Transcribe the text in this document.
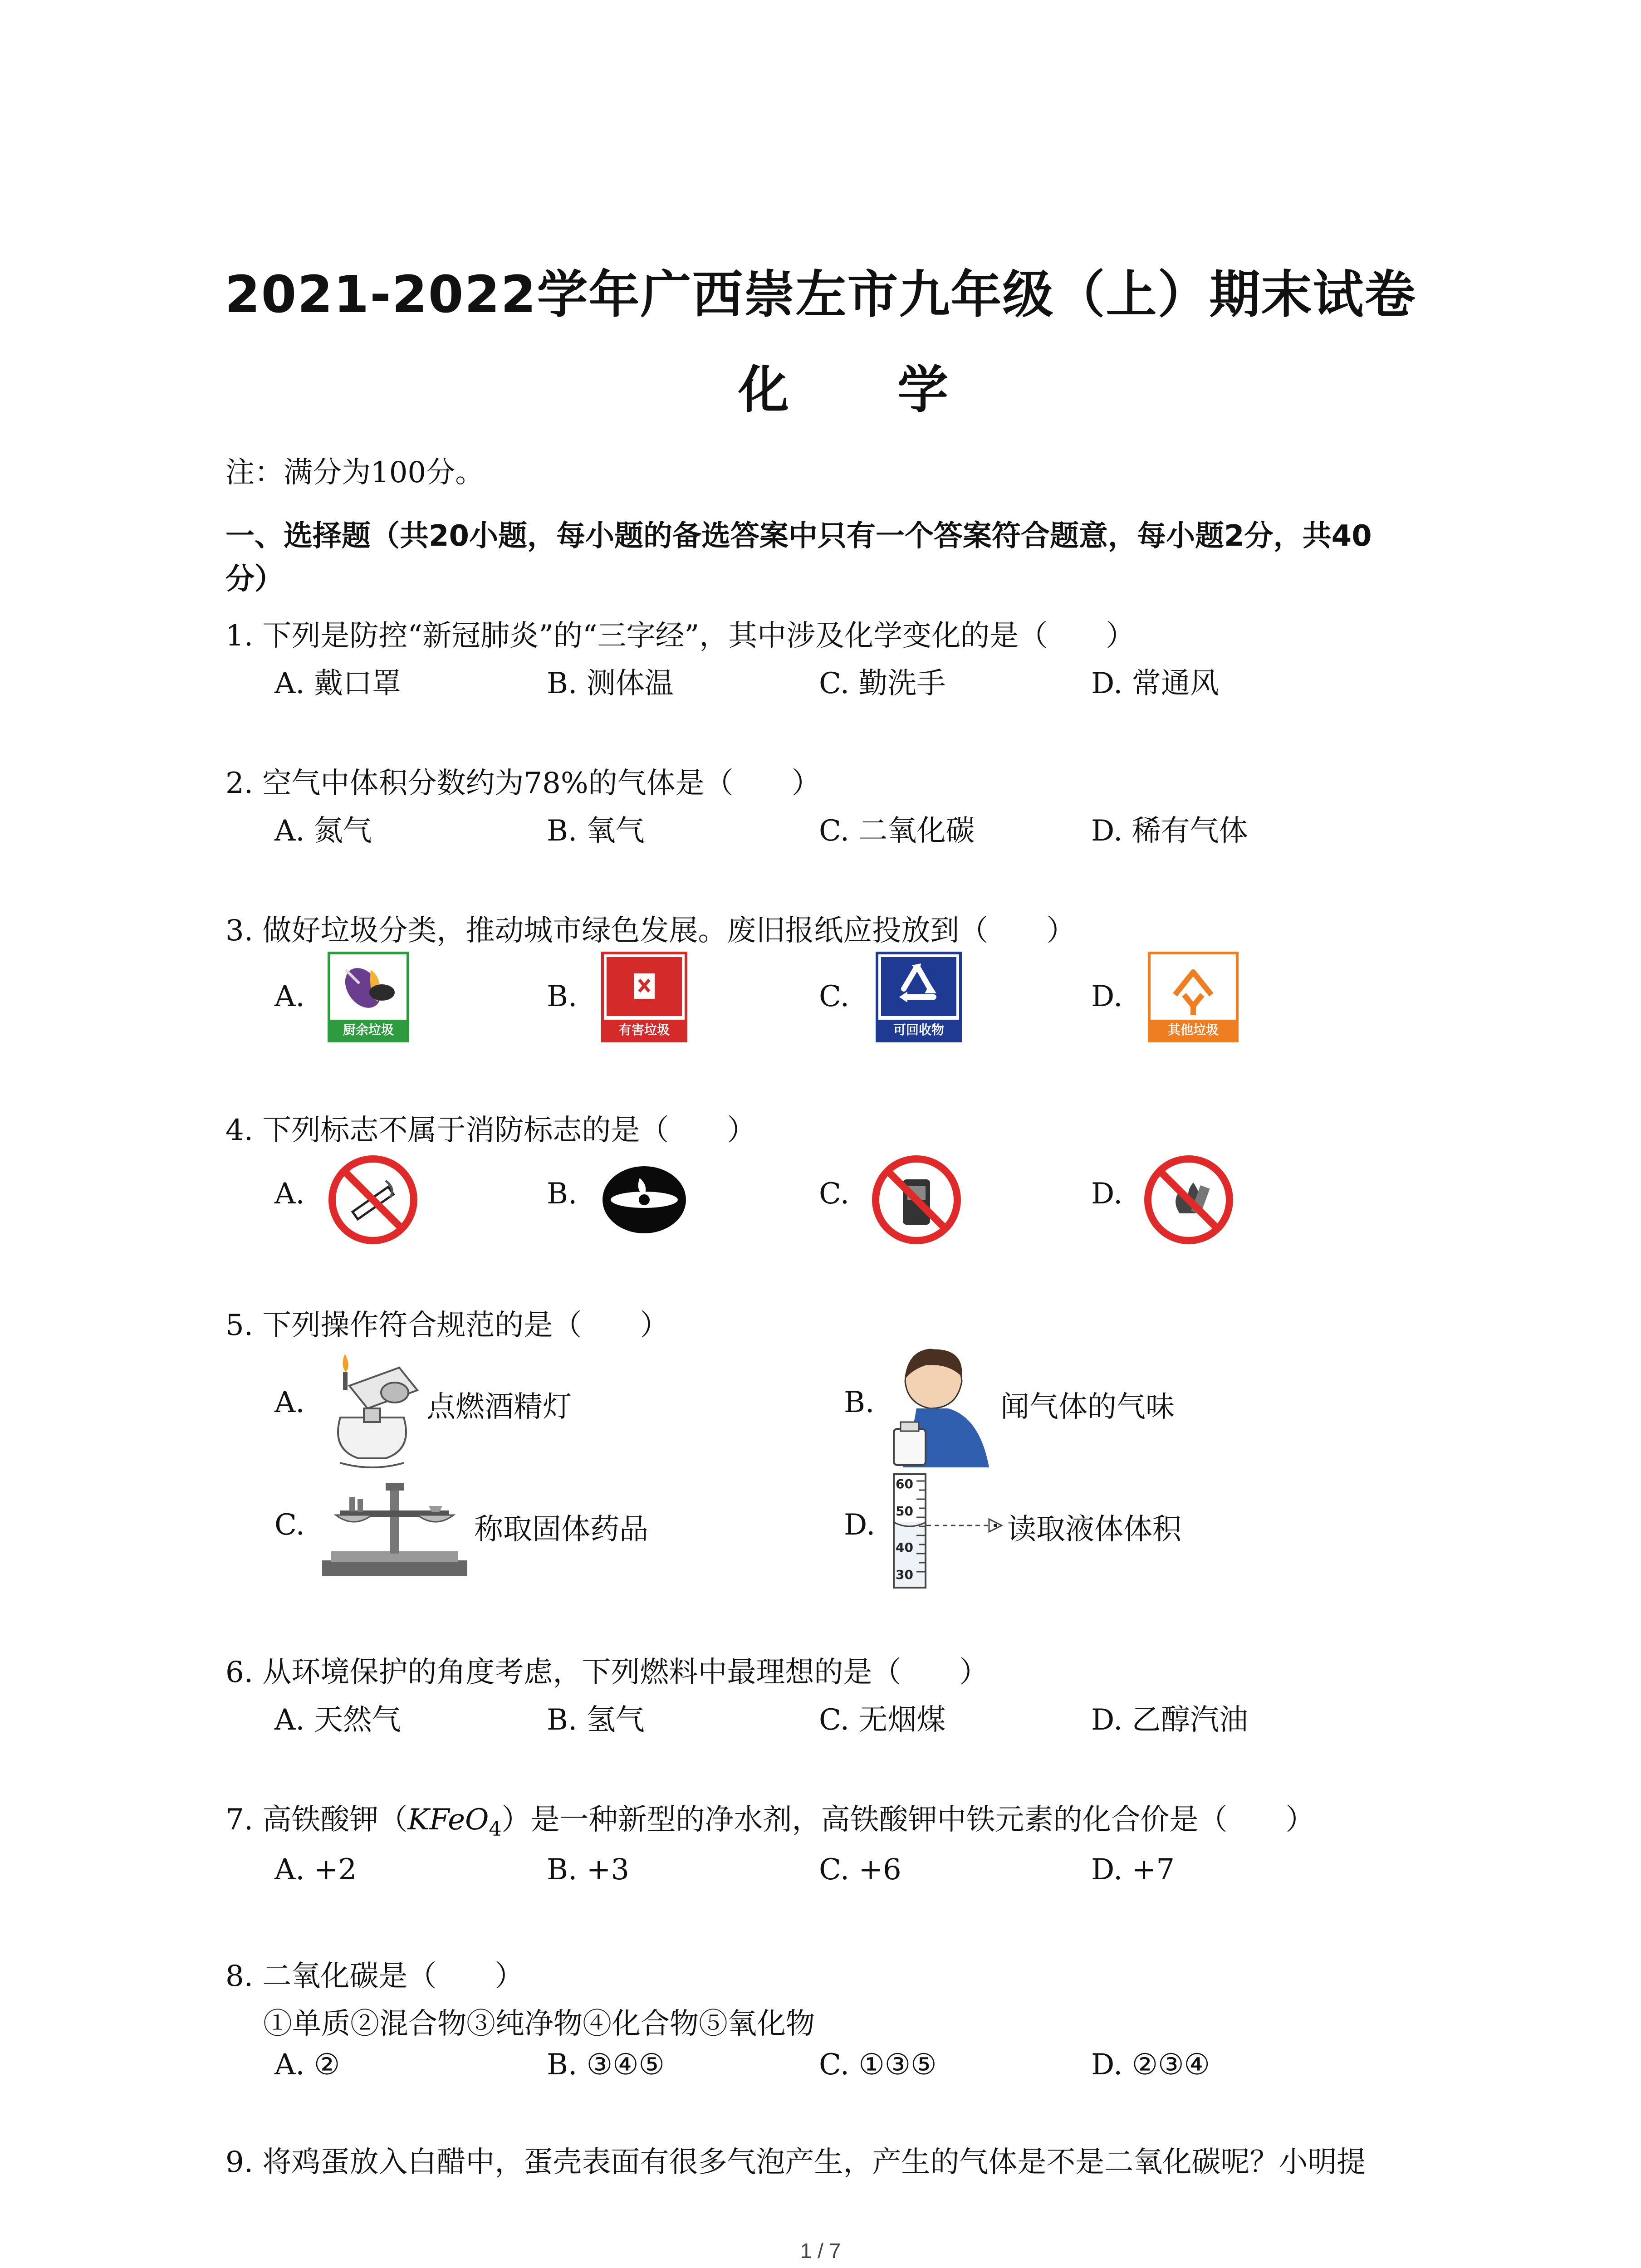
2021-2022学年广西崇左市九年级（上）期末试卷
化 学
注：满分为100分。
一、选择题（共20小题，每小题的备选答案中只有一个答案符合题意，每小题2分，共40
分）
1. 下列是防控“新冠肺炎”的“三字经”，其中涉及化学变化的是（　　）
A. 戴口罩	B. 测体温	C. 勤洗手	D. 常通风
2. 空气中体积分数约为78%的气体是（　　）
A. 氮气	B. 氧气	C. 二氧化碳	D. 稀有气体
3. 做好垃圾分类，推动城市绿色发展。废旧报纸应投放到（　　）
A.	B.	C.	D.
厨余垃圾	有害垃圾	可回收物	其他垃圾
4. 下列标志不属于消防标志的是（　　）
A.	B.	C.	D.
5. 下列操作符合规范的是（　　）
A.	点燃酒精灯	B.	闻气体的气味
C.	称取固体药品	D.
60
50
40
30
读取液体体积
6. 从环境保护的角度考虑，下列燃料中最理想的是（　　）
A. 天然气	B. 氢气	C. 无烟煤	D. 乙醇汽油
7. 高铁酸钾（KFeO$_4$）是一种新型的净水剂，高铁酸钾中铁元素的化合价是（　　）
A. +2	B. +3	C. +6	D. +7
8. 二氧化碳是（　　）
①单质②混合物③纯净物④化合物⑤氧化物
A. ②	B. ③④⑤	C. ①③⑤	D. ②③④
9. 将鸡蛋放入白醋中，蛋壳表面有很多气泡产生，产生的气体是不是二氧化碳呢？小明提
1 / 7
